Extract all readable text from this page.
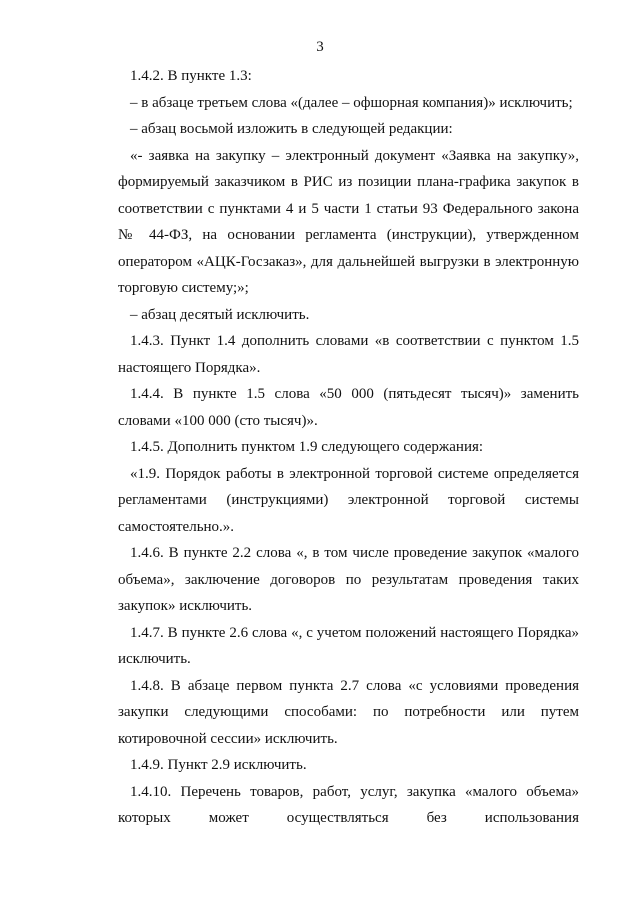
3

1.4.2. В пункте 1.3:

– в абзаце третьем слова «(далее – офшорная компания)» исключить;

– абзац восьмой изложить в следующей редакции:

«- заявка на закупку – электронный документ «Заявка на закупку», формируемый заказчиком в РИС из позиции плана-графика закупок в соответствии с пунктами 4 и 5 части 1 статьи 93 Федерального закона № 44-ФЗ, на основании регламента (инструкции), утвержденном оператором «АЦК-Госзаказ», для дальнейшей выгрузки в электронную торговую систему;»;

– абзац десятый исключить.

1.4.3. Пункт 1.4 дополнить словами «в соответствии с пунктом 1.5 настоящего Порядка».

1.4.4. В пункте 1.5 слова «50 000 (пятьдесят тысяч)» заменить словами «100 000 (сто тысяч)».

1.4.5. Дополнить пунктом 1.9 следующего содержания:

«1.9. Порядок работы в электронной торговой системе определяется регламентами (инструкциями) электронной торговой системы самостоятельно.».

1.4.6. В пункте 2.2 слова «, в том числе проведение закупок «малого объема», заключение договоров по результатам проведения таких закупок» исключить.

1.4.7. В пункте 2.6 слова «, с учетом положений настоящего Порядка» исключить.

1.4.8. В абзаце первом пункта 2.7 слова «с условиями проведения закупки следующими способами: по потребности или путем котировочной сессии» исключить.

1.4.9. Пункт 2.9 исключить.

1.4.10. Перечень товаров, работ, услуг, закупка «малого объема» которых может осуществляться без использования
